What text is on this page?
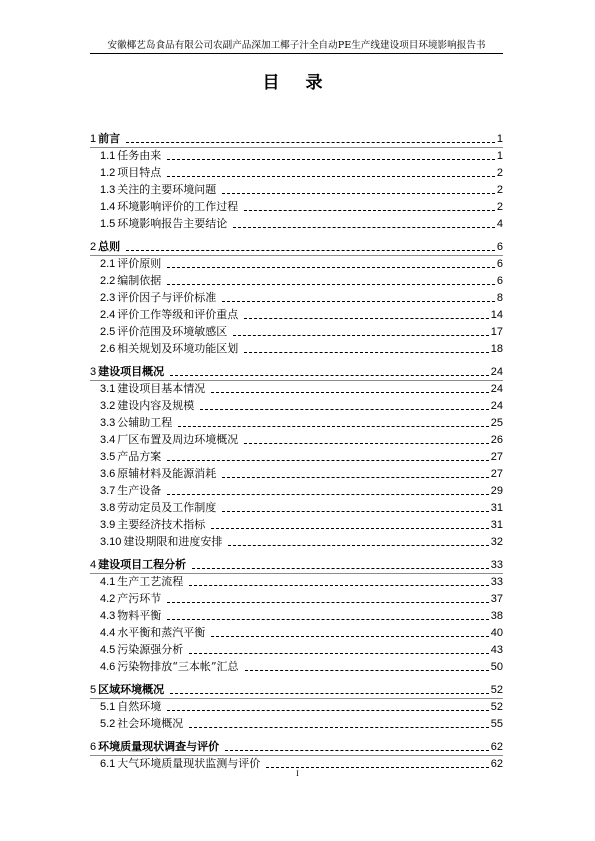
安徽椰艺岛食品有限公司农副产品深加工椰子汁全自动PE生产线建设项目环境影响报告书
目 录
1 前言	1
1.1 任务由来	1
1.2 项目特点	2
1.3 关注的主要环境问题	2
1.4 环境影响评价的工作过程	2
1.5 环境影响报告主要结论	4
2 总则	6
2.1 评价原则	6
2.2 编制依据	6
2.3 评价因子与评价标准	8
2.4 评价工作等级和评价重点	14
2.5 评价范围及环境敏感区	17
2.6 相关规划及环境功能区划	18
3 建设项目概况	24
3.1 建设项目基本情况	24
3.2 建设内容及规模	24
3.3 公辅助工程	25
3.4 厂区布置及周边环境概况	26
3.5 产品方案	27
3.6 原辅材料及能源消耗	27
3.7 生产设备	29
3.8 劳动定员及工作制度	31
3.9 主要经济技术指标	31
3.10 建设期限和进度安排	32
4 建设项目工程分析	33
4.1 生产工艺流程	33
4.2 产污环节	37
4.3 物料平衡	38
4.4 水平衡和蒸汽平衡	40
4.5 污染源强分析	43
4.6 污染物排放“三本帐”汇总	50
5 区域环境概况	52
5.1 自然环境	52
5.2 社会环境概况	55
6 环境质量现状调查与评价	62
6.1 大气环境质量现状监测与评价	62
I
